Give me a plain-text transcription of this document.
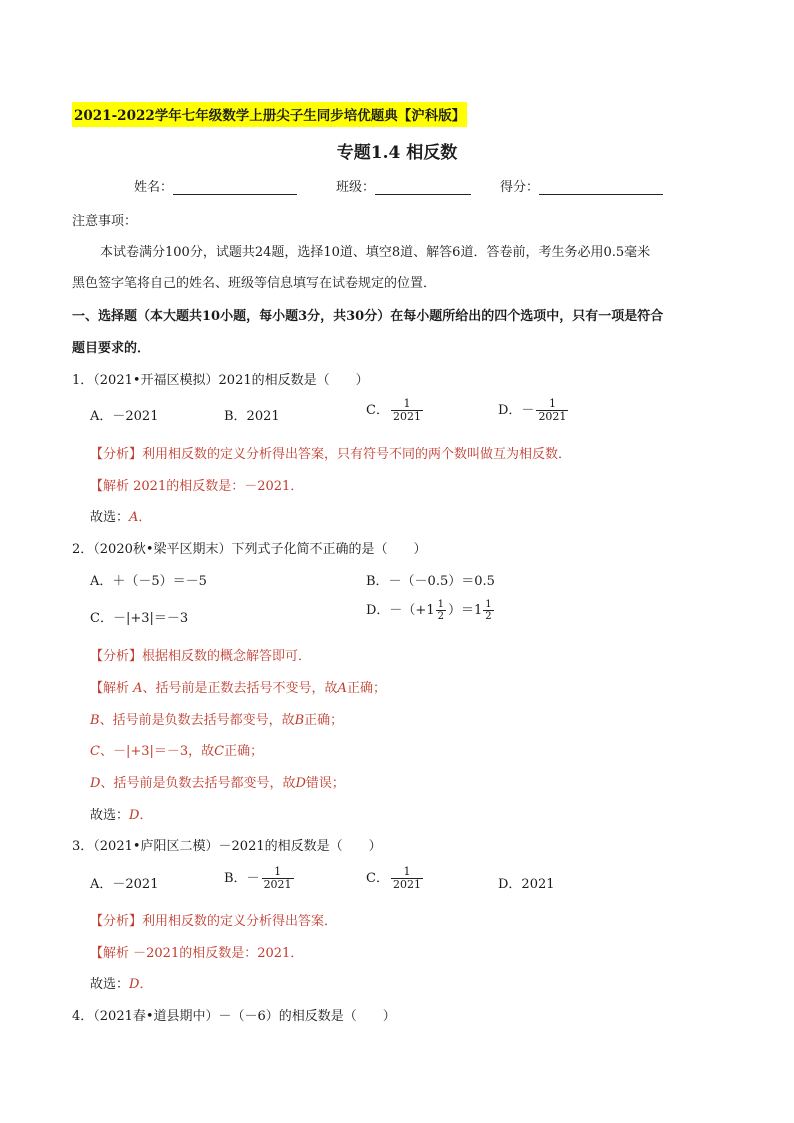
2021-2022学年七年级数学上册尖子生同步培优题典【沪科版】
专题1.4 相反数
姓名：	班级：	得分：
注意事项：
本试卷满分100分，试题共24题，选择10道、填空8道、解答6道．答卷前，考生务必用0.5毫米
黑色签字笔将自己的姓名、班级等信息填写在试卷规定的位置．
一、选择题（本大题共10小题，每小题3分，共30分）在每小题所给出的四个选项中，只有一项是符合
题目要求的．
1．（2021•开福区模拟）2021的相反数是（　　）
A．－2021	B．2021	C． $\frac{1}{2021}$	D．－ $\frac{1}{2021}$
【分析】利用相反数的定义分析得出答案，只有符号不同的两个数叫做互为相反数．
【解析 2021的相反数是：－2021．
故选：A．
2．（2020秋•梁平区期末）下列式子化简不正确的是（　　）
A．＋（－5）＝－5	B．－（－0.5）＝0.5
C．－|+3|＝－3
D．$-(+1 \frac{1}{2} )=1 \frac{1}{2}$
【分析】根据相反数的概念解答即可．
【解析 A、括号前是正数去括号不变号，故A正确；
B、括号前是负数去括号都变号，故B正确；
C、－|+3|＝－3，故C正确；
D、括号前是负数去括号都变号，故D错误；
故选：D．
3．（2021•庐阳区二模）－2021的相反数是（　　）
A．－2021	B．－ $\frac{1}{2021}$	C． $\frac{1}{2021}$	D．2021
【分析】利用相反数的定义分析得出答案．
【解析 －2021的相反数是：2021．
故选：D．
4．（2021春•道县期中）－（－6）的相反数是（　　）
